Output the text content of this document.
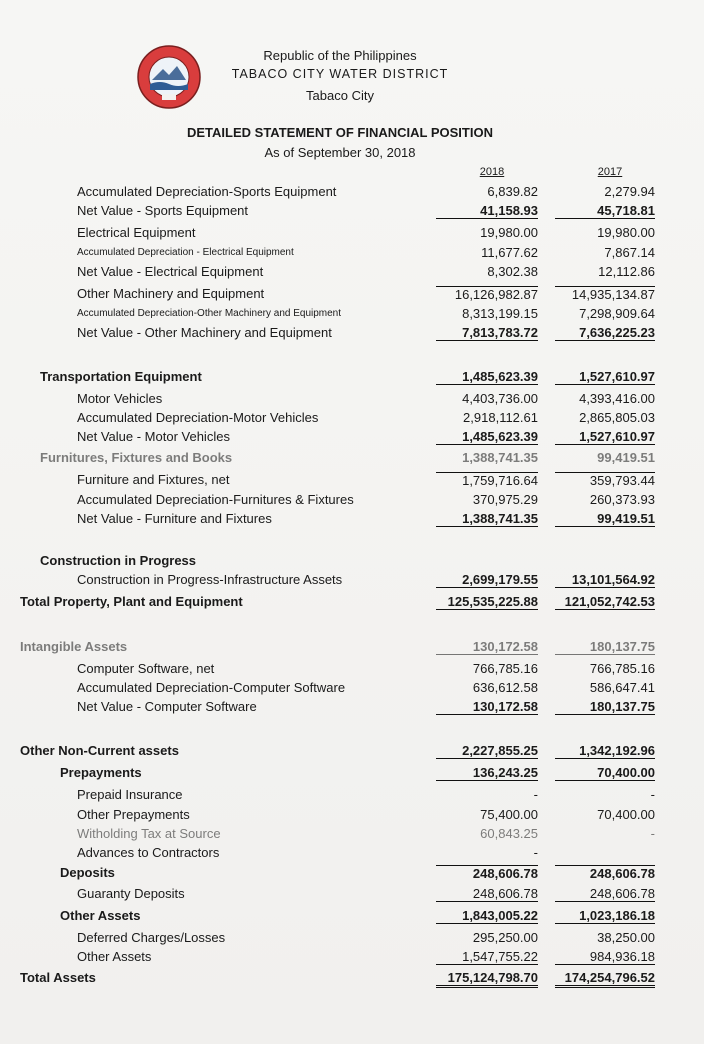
Republic of the Philippines
TABACO CITY WATER DISTRICT
Tabaco City
DETAILED STATEMENT OF FINANCIAL POSITION
As of September 30, 2018
2018	2017
Accumulated Depreciation-Sports Equipment	6,839.82	2,279.94
Net Value - Sports Equipment	41,158.93	45,718.81
Electrical Equipment	19,980.00	19,980.00
Accumulated Depreciation - Electrical Equipment	11,677.62	7,867.14
Net Value - Electrical Equipment	8,302.38	12,112.86
Other Machinery and Equipment	16,126,982.87	14,935,134.87
Accumulated Depreciation-Other Machinery and Equipment	8,313,199.15	7,298,909.64
Net Value - Other Machinery and Equipment	7,813,783.72	7,636,225.23
Transportation Equipment	1,485,623.39	1,527,610.97
Motor Vehicles	4,403,736.00	4,393,416.00
Accumulated Depreciation-Motor Vehicles	2,918,112.61	2,865,805.03
Net Value - Motor Vehicles	1,485,623.39	1,527,610.97
Furnitures, Fixtures and Books	1,388,741.35	99,419.51
Furniture and Fixtures, net	1,759,716.64	359,793.44
Accumulated Depreciation-Furnitures & Fixtures	370,975.29	260,373.93
Net Value - Furniture and Fixtures	1,388,741.35	99,419.51
Construction in Progress
Construction in Progress-Infrastructure Assets	2,699,179.55	13,101,564.92
Total Property, Plant and Equipment	125,535,225.88	121,052,742.53
Intangible Assets	130,172.58	180,137.75
Computer Software, net	766,785.16	766,785.16
Accumulated Depreciation-Computer Software	636,612.58	586,647.41
Net Value - Computer Software	130,172.58	180,137.75
Other Non-Current assets	2,227,855.25	1,342,192.96
Prepayments	136,243.25	70,400.00
Prepaid Insurance	-	-
Other Prepayments	75,400.00	70,400.00
Witholding Tax at Source	60,843.25	-
Advances to Contractors	-
Deposits	248,606.78	248,606.78
Guaranty Deposits	248,606.78	248,606.78
Other Assets	1,843,005.22	1,023,186.18
Deferred Charges/Losses	295,250.00	38,250.00
Other Assets	1,547,755.22	984,936.18
Total Assets	175,124,798.70	174,254,796.52
